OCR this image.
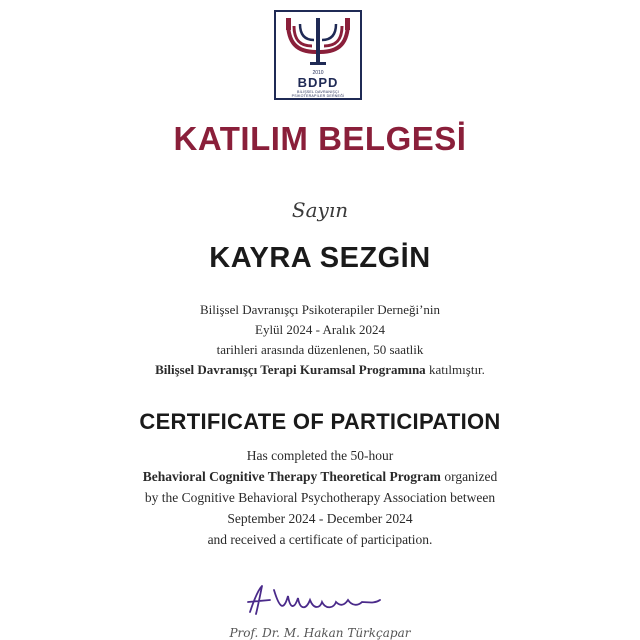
2010
BDPD
BİLİŞSEL DAVRANIŞÇI
PSİKOTERAPİLER DERNEĞİ
KATILIM BELGESİ
Sayın
KAYRA SEZGİN
Bilişsel Davranışçı Psikoterapiler Derneği’nin
Eylül 2024 - Aralık 2024
tarihleri arasında düzenlenen, 50 saatlik
Bilişsel Davranışçı Terapi Kuramsal Programına katılmıştır.
CERTIFICATE OF PARTICIPATION
Has completed the 50-hour
Behavioral Cognitive Therapy Theoretical Program organized
by the Cognitive Behavioral Psychotherapy Association between
September 2024 - December 2024
and received a certificate of participation.
Prof. Dr. M. Hakan Türkçapar
